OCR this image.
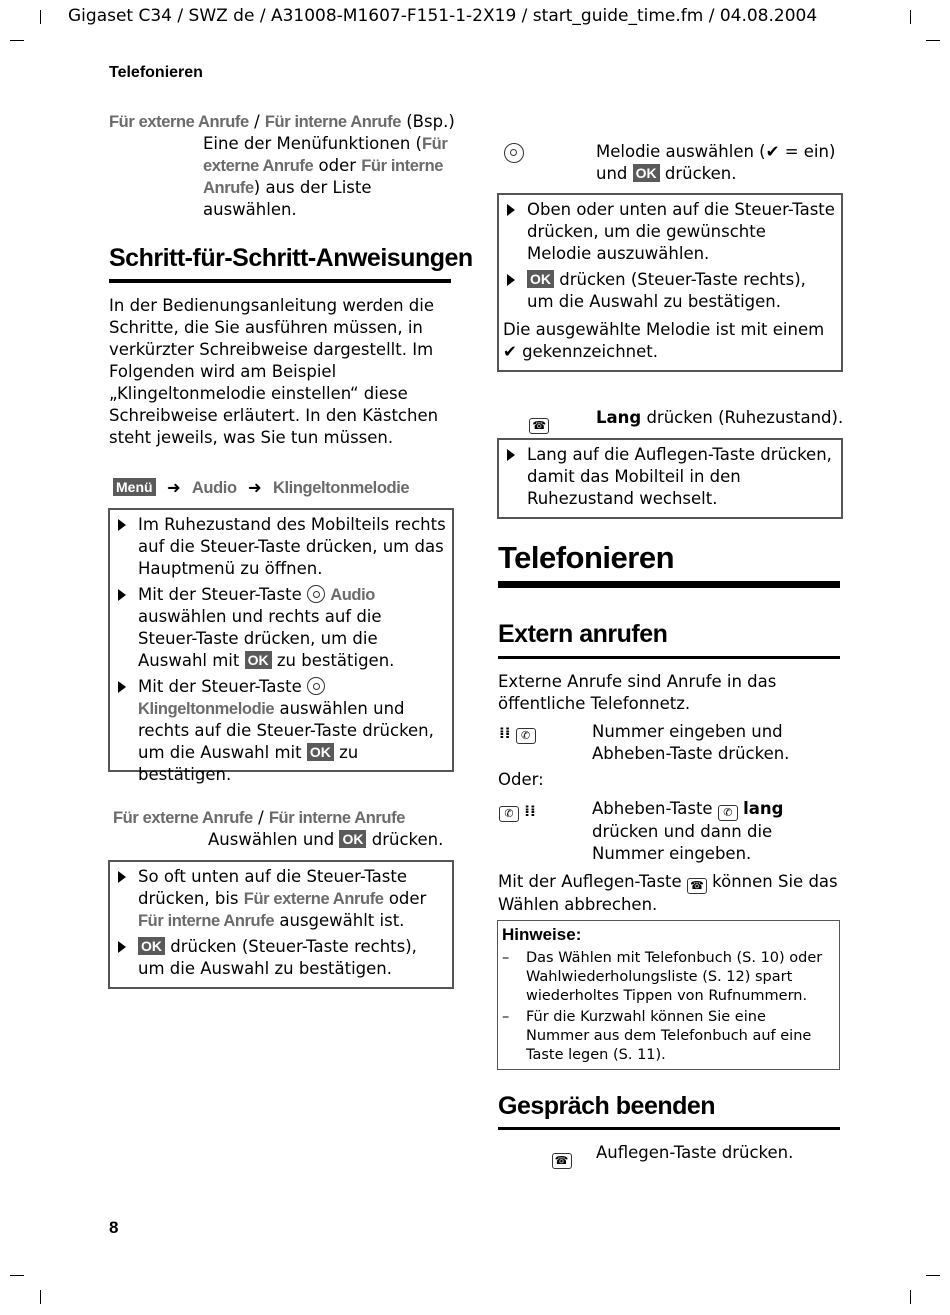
Gigaset C34 / SWZ de / A31008-M1607-F151-1-2X19 / start_guide_time.fm / 04.08.2004
Telefonieren
Für externe Anrufe / Für interne Anrufe (Bsp.)
Eine der Menüfunktionen (Für externe Anrufe oder Für interne Anrufe) aus der Liste auswählen.
Schritt-für-Schritt-Anweisungen
In der Bedienungsanleitung werden die Schritte, die Sie ausführen müssen, in verkürzter Schreibweise dargestellt. Im Folgenden wird am Beispiel „Klingeltonmelodie einstellen“ diese Schreibweise erläutert. In den Kästchen steht jeweils, was Sie tun müssen.
Menü ➜ Audio ➜ Klingeltonmelodie
Im Ruhezustand des Mobilteils rechts auf die Steuer-Taste drücken, um das Hauptmenü zu öffnen.
Mit der Steuer-Taste  Audio auswählen und rechts auf die Steuer-Taste drücken, um die Auswahl mit OK zu bestätigen.
Mit der Steuer-Taste  Klingeltonmelodie auswählen und rechts auf die Steuer-Taste drücken, um die Auswahl mit OK zu bestätigen.
Für externe Anrufe / Für interne Anrufe
Auswählen und OK drücken.
So oft unten auf die Steuer-Taste drücken, bis Für externe Anrufe oder Für interne Anrufe ausgewählt ist.
OK drücken (Steuer-Taste rechts), um die Auswahl zu bestätigen.
8

Melodie auswählen (✔ = ein) und OK drücken.
Oben oder unten auf die Steuer-Taste drücken, um die gewünschte Melodie auszuwählen.
OK drücken (Steuer-Taste rechts), um die Auswahl zu bestätigen.
Die ausgewählte Melodie ist mit einem ✔ gekennzeichnet.
☎	Lang drücken (Ruhezustand).
Lang auf die Auflegen-Taste drücken, damit das Mobilteil in den Ruhezustand wechselt.
Telefonieren
Extern anrufen
Externe Anrufe sind Anrufe in das öffentliche Telefonnetz.
⁞⁞ ✆	Nummer eingeben und Abheben-Taste drücken.
Oder:
✆ ⁞⁞	Abheben-Taste ✆ lang drücken und dann die Nummer eingeben.
Mit der Auflegen-Taste ☎ können Sie das Wählen abbrechen.
Hinweise:
– Das Wählen mit Telefonbuch (S. 10) oder Wahlwiederholungsliste (S. 12) spart wiederholtes Tippen von Rufnummern.
– Für die Kurzwahl können Sie eine Nummer aus dem Telefonbuch auf eine Taste legen (S. 11).
Gespräch beenden
☎ Auflegen-Taste drücken.
